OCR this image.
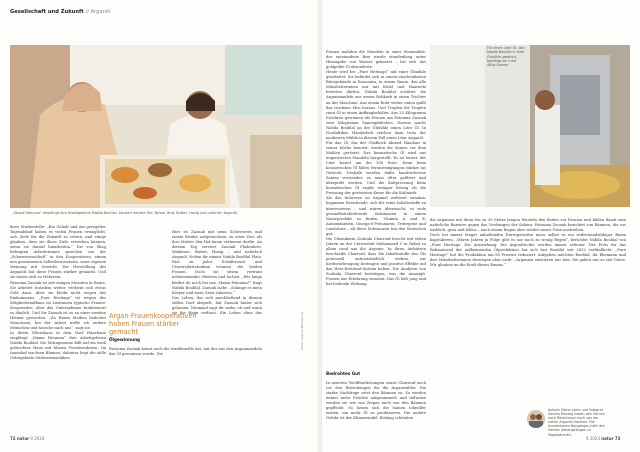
Gesellschaft und Zukunft // Arganöl
„Mama Fatouma“ empfängt ihre Arbeitgeberin Nabila Bouhlal. Serviert werden Tee, Nüsse, Brot, Butter, Honig und natürlich Arganöl.
ihrer Mutterstelle: „Ein Gehalt und ein geregelter Tagesablauf haben es vielen Frauen ermöglicht, sich Ziele für die Zukunft zu setzen, und einige glauben, dass sie diese Ziele erreichen können, wenn sie darauf hinarbeiten.“ Die von Skog befragten Arbeiterinnen sprechen von der „Schwesternschaft“ in den Kooperativen, einem neu gewonnenen Selbstbewusstsein, einer eigenen Meinung mit Gewicht. Die Herstellung des Arganöls hat diese Frauen stärker gemacht. Und sie rissen sich zu Höherem.
Fatouma Zaouak ist seit einigen Monaten in Rente. Sie arbeitet trotzdem weiter, verdient sich etwas Geld dazu. Aber sie bleibt nicht wegen des Einkommens. „Pure Heritage“ ist wegen des Mitgliederaufbaus im Lusitanien typische Frauen-Kooperative, aber das Unternehmen funktioniert so ähnlich. Und für Zaouak ist es zu einer zweiten Heimat geworden. „Zu Hause bleiben bedeutet Monotonie; bei der Arbeit treffe ich andere Menschen und tausche mich aus“, sagt sie.
In ihrem Elternhaus in dem Dorf Hanchane empfängt „Mama Fatouma“ ihre Arbeitgeberin Nabila Bouhlal. Die Mittagssonne fällt auf ein weiß getünchtes Haus mit blauen Fensterrahmen. Im Innenhof wachsen Blumen, dahinter liegt die stille Gebirgskette Südwestmarokkos.
Argan-Frauenkooperativen haben Frauen stärker gemacht

Hier ist Zaouak mit neun Schwestern und einem Bruder aufgewachsen, zu einer Zeit, als ihre Mutter den Hof kaum verlassen durfte. An diesem Tag serviert Zaouak Fladenbrot, Walnüsse, Butter, Honig – und natürlich Arganöl. Neben ihr nimmt Nabila Bouhlal Platz. Fast zu jeder Schulbesuch und Universitätsstudium trennen die beiden Frauen. Doch sie sitzen vertraut nebeneinander, flüstern und lachen. „Wir lange bleibst du noch bei uns, Mama Fatouma?“ fragt Nabila Bouhlal. Zaouak lacht: „Solange es mein Körper und mein Geist zulassen.“
Das Leben, das sich anschließend in diesem stillen Dorf abspielt, hat Zaouak hinter sich gelassen. Niemand sagt ihr mehr, ob und wann sie ihr Heim verlässt. Ein Leben ohne das

Ölgewinnung

Fatouma Zaouak kennt noch die traditionelle Art, mit der aus den Arganmandeln das Öl gewonnen wurde. Die

Fotos: Sascha Montag (2)

Frauen mahlten die Mandeln in einer Steinmühle, der entstandene Brei wurde stundenlang unter Hinzugabe von Wasser geknetet – bis sich das goldgelbe Öl absonderte.
Heute wird bei „Pure Heritage“ mit einer Ölmühle gearbeitet. Sie befindet sich in einem unscheinbaren Bürogebäude in Essaouira, in einem Raum, den alle Mitarbeiterinnen nur mit Kittel und Haarnetz betreten dürfen. Nabila Bouhlal schüttet die Arganmandeln aus einem Rohkorb in einen Trichter an der Maschine. Aus einem Rohr weiter unten quillt das trockene Mus heraus. Und Tropfen für Tropfen rinnt Öl in einen Auffangbehälter. Aus 25 Kilogramm Früchten gewinnen die Frauen um Fatouma Zaouak zwei Kilogramm Samenplättchen. Daraus macht Nabila Bouhlal an der Ölmühle einen Liter Öl. In Nordafrikas Handarbeit reichen dazu trotz der modernen Mühle in diesem Fall einen Liter Arganöl.
Für das Öl, das der Chefkoch Ahmed Handour in seiner Küche benutzt, werden die Samen vor dem Mahlen geröstet. Das kosmetische Öl wird aus ungerösteten Mandeln hergestellt. Es ist teurer, der Liter kostet um die 100 Euro. Denn beim kosmetischen Öl fallen Verunreinigungen stärker ins Gewicht. Deshalb werden dafür handverlesene Samen verwendet, es muss öfter gefiltert und überprüft werden. Und die Kaltpressung beim kosmetischen Öl ergibt weniger Ertrag als die Pressung der gerösteten Kerne für die Kulinarik.
Als das Interesse an Arganöl weltweit zunahm, begannen Forschende, sich für seine Inhaltsstoffe zu interessieren – und waren überrascht, so viele gesundheitsfördernde Substanzen in einem Naturprodukt zu finden. Vitamin A und E, Antioxidantien, Omega-6-Fettsäuren, Triterpene und Linolsäure – all diese Substanzen tun den Menschen gut.
Die Chemikerin Zoubida Charrouf forscht seit vielen Jahren an der Universität Mohammed V in Rabat zu allem rund um die Argonie. In ihren Aufsätzen beschreibt Charrouf, dass die Inhaltsstoffe des Öls potenziell antientzündlich wirken, zur Krebsvorbeugung beitragen und positive Effekte auf das Herz-Kreislauf-System haben. Die Analysen von Zoubida Charrouf bestätigen, was die Amazigh-Frauen aus Erfahrung wussten: Das Öl hält jung und hat heilende Wirkung.

Bedrohtes Gut

In neueren Veröffentlichungen warnt Charrouf auch vor den Bedrohungen für die Arganwälder. Die starke Nachfrage setzt den Bäumen zu. So werden immer mehr Früchte aufgesammelt und teilweise werden sie wie von Ziegen auch von den Bäumen gepflückt. So lassen sich die Samen schneller ernten, um mehr Öl zu produzieren. Die andere Gefahr ist der Klimawandel. Bislang schützten

Für einen Liter Öl, den Nabila Bouhlal in ihrer Ölmühle gewinnt, benötigt sie rund 40kg Samen.

die Arganien mit ihren bis zu 30 Meter langen Wurzeln den Boden vor Erosion und bilden damit eine natürliche Barriere gegen das Vordringen der Sahara. Fatouma Zaouak berichtet von Bäumen, die vor wirklich, grau und leblos – nach einem Regen aber wieder neues Grün austreiben.
Doch bei immer länger anhaltenden Dürreperioden muss selbst es ein widerstandsfähiger Baum kapitulieren. „Wären Jahren ja Folge gibt es nur noch zu wenig Regen“, berichtet Nabila Bouhlal von „Pure Heritage. Die Auswirkung: Die Argonfrüchte werden immer seltener. Der Preis für das Rohmaterial der aufkeimenden Ölproduktion hat sich fast Bouhlal seit 2022 verfünffacht. „Pure Heritage“ hat die Produktion um 80 Prozent reduziert. Aufgeben möchten Bouhlal, ihr Ehemann und ihre Mitarbeiterinnen deswegen aber nicht. „Arganien existieren nur hier. Sie gaben uns so viel Gutes. Wir glauben an die Kraft dieses Baums.“

Autorin Diana Laarz und Fotograf Sascha Montag haben den Geruch nach Röstnüssen noch von der nahen Arganöl-Fabriken. Die wunderbaren Bergziegen hielt den kleinen Abbaugebirgen zu Tagesbäumen.
72 natur 9 2024	9 2024 natur 73
